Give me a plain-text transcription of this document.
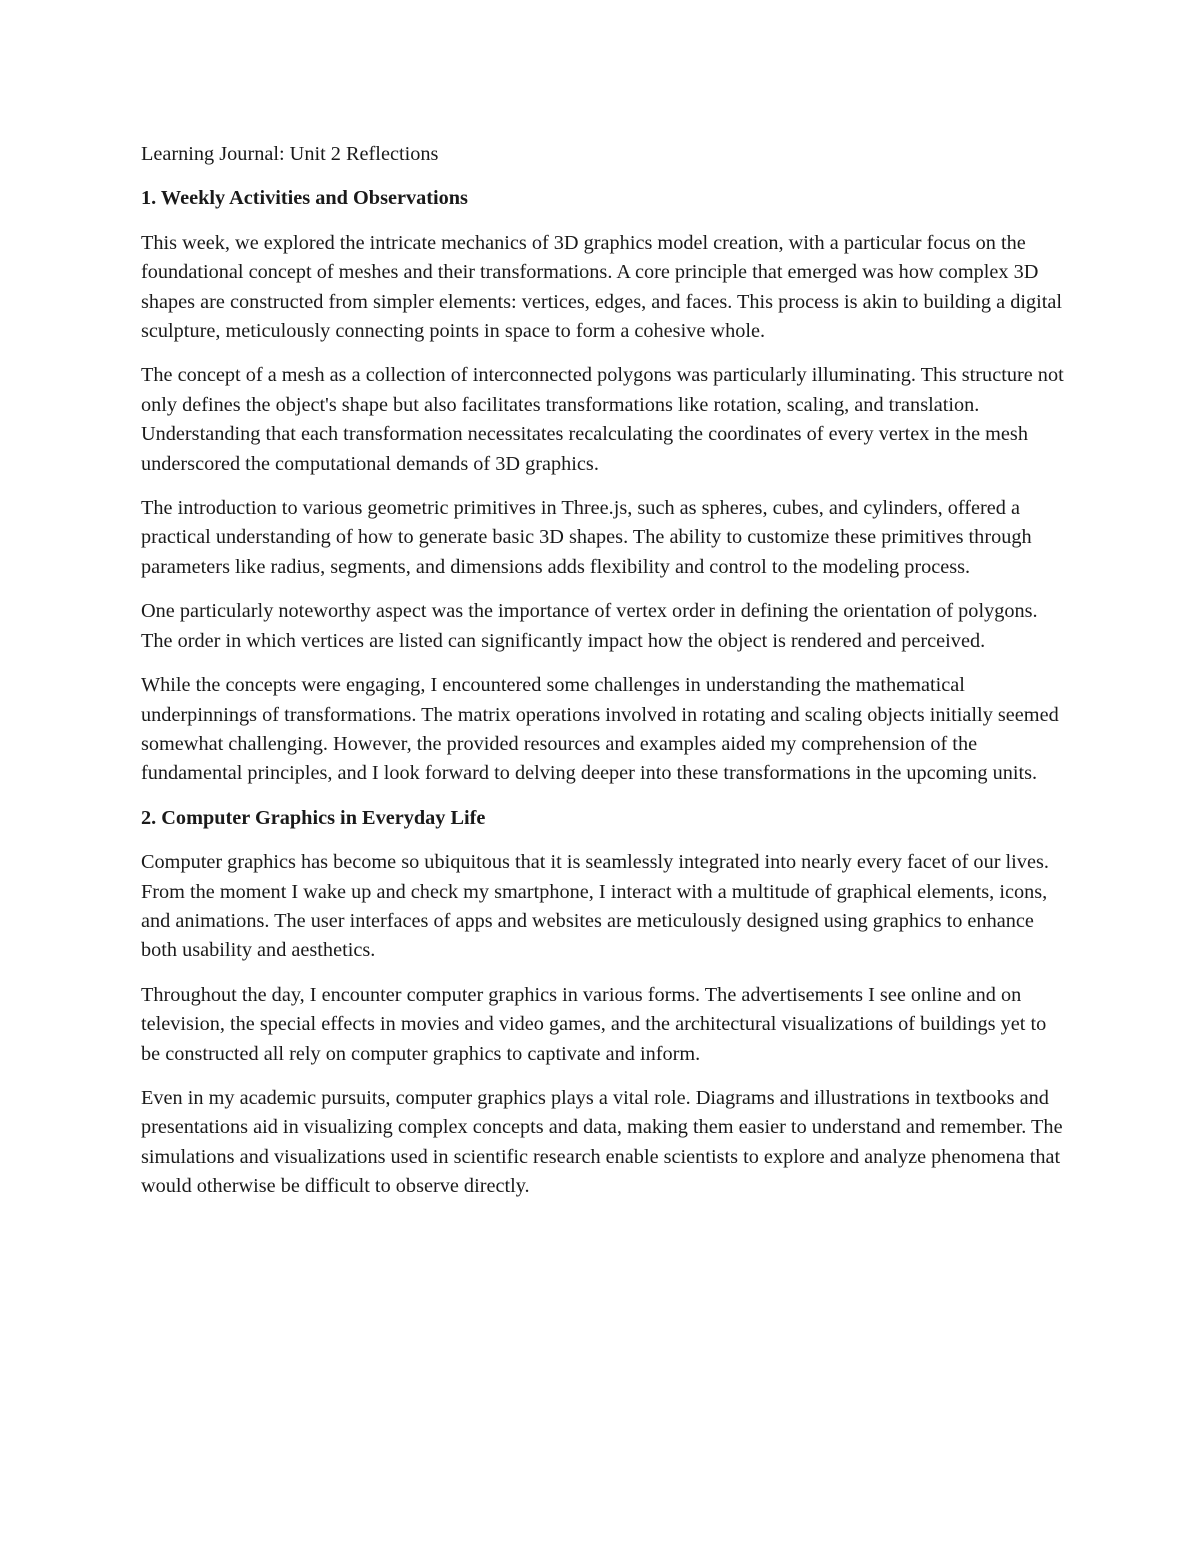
Learning Journal: Unit 2 Reflections

1. Weekly Activities and Observations

This week, we explored the intricate mechanics of 3D graphics model creation, with a particular focus on the foundational concept of meshes and their transformations. A core principle that emerged was how complex 3D shapes are constructed from simpler elements: vertices, edges, and faces. This process is akin to building a digital sculpture, meticulously connecting points in space to form a cohesive whole.

The concept of a mesh as a collection of interconnected polygons was particularly illuminating. This structure not only defines the object's shape but also facilitates transformations like rotation, scaling, and translation. Understanding that each transformation necessitates recalculating the coordinates of every vertex in the mesh underscored the computational demands of 3D graphics.

The introduction to various geometric primitives in Three.js, such as spheres, cubes, and cylinders, offered a practical understanding of how to generate basic 3D shapes. The ability to customize these primitives through parameters like radius, segments, and dimensions adds flexibility and control to the modeling process.

One particularly noteworthy aspect was the importance of vertex order in defining the orientation of polygons. The order in which vertices are listed can significantly impact how the object is rendered and perceived.

While the concepts were engaging, I encountered some challenges in understanding the mathematical underpinnings of transformations. The matrix operations involved in rotating and scaling objects initially seemed somewhat challenging. However, the provided resources and examples aided my comprehension of the fundamental principles, and I look forward to delving deeper into these transformations in the upcoming units.

2. Computer Graphics in Everyday Life

Computer graphics has become so ubiquitous that it is seamlessly integrated into nearly every facet of our lives. From the moment I wake up and check my smartphone, I interact with a multitude of graphical elements, icons, and animations. The user interfaces of apps and websites are meticulously designed using graphics to enhance both usability and aesthetics.

Throughout the day, I encounter computer graphics in various forms. The advertisements I see online and on television, the special effects in movies and video games, and the architectural visualizations of buildings yet to be constructed all rely on computer graphics to captivate and inform.

Even in my academic pursuits, computer graphics plays a vital role. Diagrams and illustrations in textbooks and presentations aid in visualizing complex concepts and data, making them easier to understand and remember. The simulations and visualizations used in scientific research enable scientists to explore and analyze phenomena that would otherwise be difficult to observe directly.
